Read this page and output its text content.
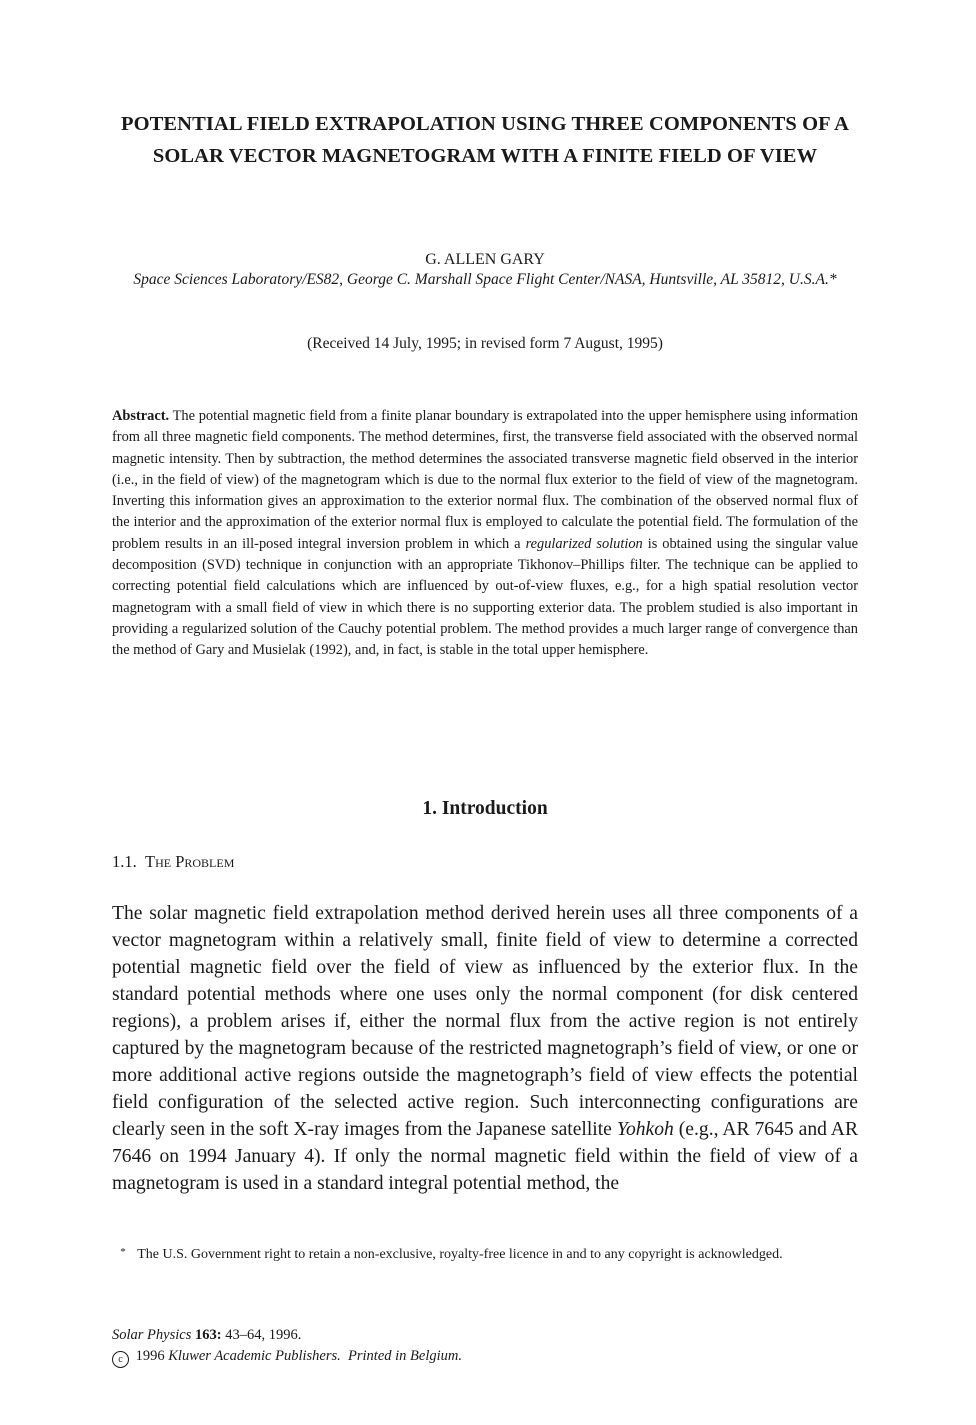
POTENTIAL FIELD EXTRAPOLATION USING THREE COMPONENTS OF A SOLAR VECTOR MAGNETOGRAM WITH A FINITE FIELD OF VIEW
G. ALLEN GARY
Space Sciences Laboratory/ES82, George C. Marshall Space Flight Center/NASA, Huntsville, AL 35812, U.S.A.*
(Received 14 July, 1995; in revised form 7 August, 1995)
Abstract. The potential magnetic field from a finite planar boundary is extrapolated into the upper hemisphere using information from all three magnetic field components. The method determines, first, the transverse field associated with the observed normal magnetic intensity. Then by subtraction, the method determines the associated transverse magnetic field observed in the interior (i.e., in the field of view) of the magnetogram which is due to the normal flux exterior to the field of view of the magnetogram. Inverting this information gives an approximation to the exterior normal flux. The combination of the observed normal flux of the interior and the approximation of the exterior normal flux is employed to calculate the potential field. The formulation of the problem results in an ill-posed integral inversion problem in which a regularized solution is obtained using the singular value decomposition (SVD) technique in conjunction with an appropriate Tikhonov–Phillips filter. The technique can be applied to correcting potential field calculations which are influenced by out-of-view fluxes, e.g., for a high spatial resolution vector magnetogram with a small field of view in which there is no supporting exterior data. The problem studied is also important in providing a regularized solution of the Cauchy potential problem. The method provides a much larger range of convergence than the method of Gary and Musielak (1992), and, in fact, is stable in the total upper hemisphere.
1. Introduction
1.1. The Problem
The solar magnetic field extrapolation method derived herein uses all three components of a vector magnetogram within a relatively small, finite field of view to determine a corrected potential magnetic field over the field of view as influenced by the exterior flux. In the standard potential methods where one uses only the normal component (for disk centered regions), a problem arises if, either the normal flux from the active region is not entirely captured by the magnetogram because of the restricted magnetograph’s field of view, or one or more additional active regions outside the magnetograph’s field of view effects the potential field configuration of the selected active region. Such interconnecting configurations are clearly seen in the soft X-ray images from the Japanese satellite Yohkoh (e.g., AR 7645 and AR 7646 on 1994 January 4). If only the normal magnetic field within the field of view of a magnetogram is used in a standard integral potential method, the
* The U.S. Government right to retain a non-exclusive, royalty-free licence in and to any copyright is acknowledged.
Solar Physics 163: 43–64, 1996.
c 1996 Kluwer Academic Publishers. Printed in Belgium.
